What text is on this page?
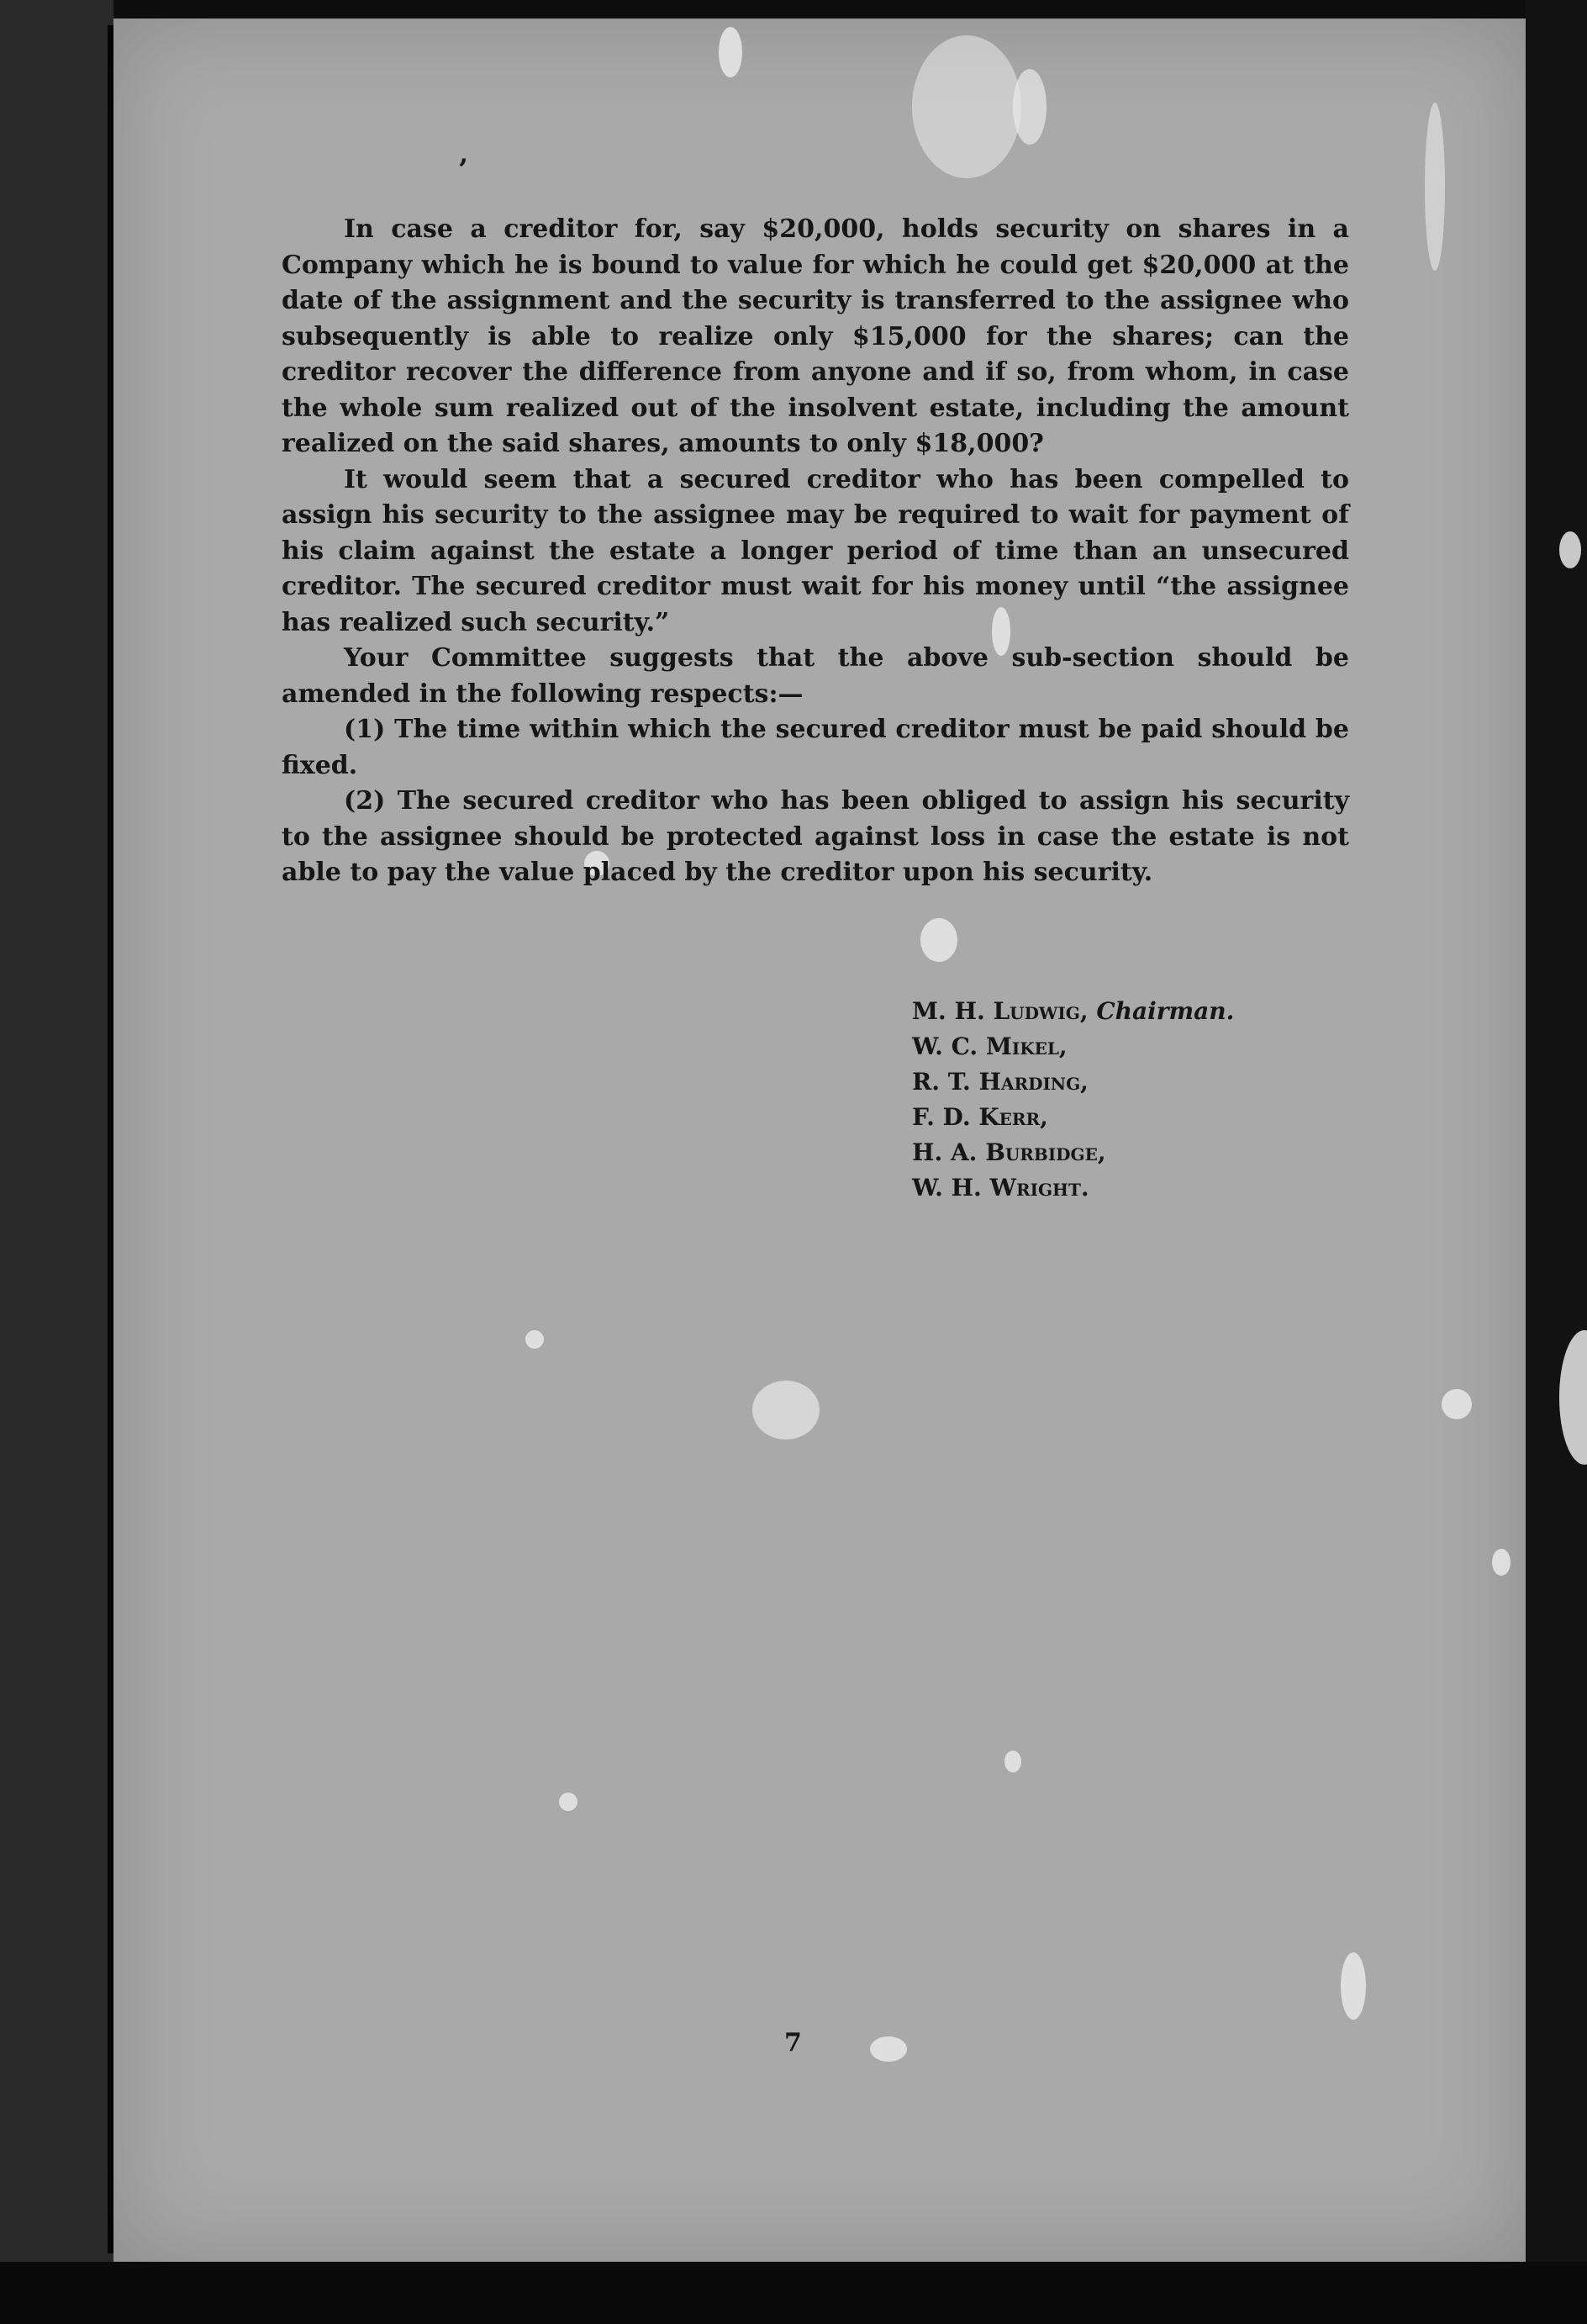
’

In case a creditor for, say $20,000, holds security on shares in a Company which he is bound to value for which he could get $20,000 at the date of the assignment and the security is transferred to the assignee who subsequently is able to realize only $15,000 for the shares; can the creditor recover the difference from anyone and if so, from whom, in case the whole sum realized out of the insolvent estate, including the amount realized on the said shares, amounts to only $18,000?

It would seem that a secured creditor who has been compelled to assign his security to the assignee may be required to wait for payment of his claim against the estate a longer period of time than an unsecured creditor. The secured creditor must wait for his money until “the assignee has realized such security.”

Your Committee suggests that the above sub-section should be amended in the following respects:—

(1) The time within which the secured creditor must be paid should be fixed.

(2) The secured creditor who has been obliged to assign his security to the assignee should be protected against loss in case the estate is not able to pay the value placed by the creditor upon his security.

M. H. Ludwig, Chairman.
W. C. Mikel,
R. T. Harding,
F. D. Kerr,
H. A. Burbidge,
W. H. Wright.
7
